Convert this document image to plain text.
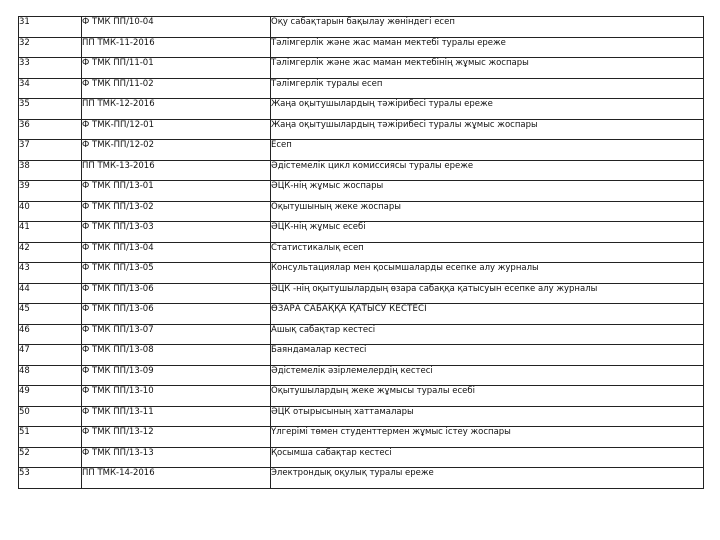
31	Ф ТМК ПП/10-04	Оқу сабақтарын бақылау жөніндегі есеп
32	ПП ТМК-11-2016	Тәлімгерлік және жас маман мектебі туралы ереже
33	Ф ТМК ПП/11-01	Тәлімгерлік және жас маман мектебінің жұмыс жоспары
34	Ф ТМК ПП/11-02	Тәлімгерлік туралы есеп
35	ПП ТМК-12-2016	Жаңа оқытушылардың тәжірибесі туралы ереже
36	Ф ТМК-ПП/12-01	Жаңа оқытушылардың тәжірибесі туралы жұмыс жоспары
37	Ф ТМК-ПП/12-02	Есеп
38	ПП ТМК-13-2016	Әдістемелік цикл комиссиясы туралы ереже
39	Ф ТМК ПП/13-01	ӘЦК-нің жұмыс жоспары
40	Ф ТМК ПП/13-02	Оқытушының жеке жоспары
41	Ф ТМК ПП/13-03	ӘЦК-нің жұмыс есебі
42	Ф ТМК ПП/13-04	Статистикалық есеп
43	Ф ТМК ПП/13-05	Консультациялар мен қосымшаларды есепке алу журналы
44	Ф ТМК ПП/13-06	ӘЦК -нің оқытушылардың өзара сабаққа қатысуын есепке алу журналы
45	Ф ТМК ПП/13-06	ӨЗАРА САБАҚҚА ҚАТЫСУ КЕСТЕСІ
46	Ф ТМК ПП/13-07	Ашық сабақтар кестесі
47	Ф ТМК ПП/13-08	Баяндамалар кестесі
48	Ф ТМК ПП/13-09	Әдістемелік әзірлемелердің кестесі
49	Ф ТМК ПП/13-10	Оқытушылардың жеке жұмысы туралы есебі
50	Ф ТМК ПП/13-11	ӘЦК отырысының хаттамалары
51	Ф ТМК ПП/13-12	Үлгерімі төмен студенттермен жұмыс істеу жоспары
52	Ф ТМК ПП/13-13	Қосымша сабақтар кестесі
53	ПП ТМК-14-2016	Электрондық оқулық туралы ереже
